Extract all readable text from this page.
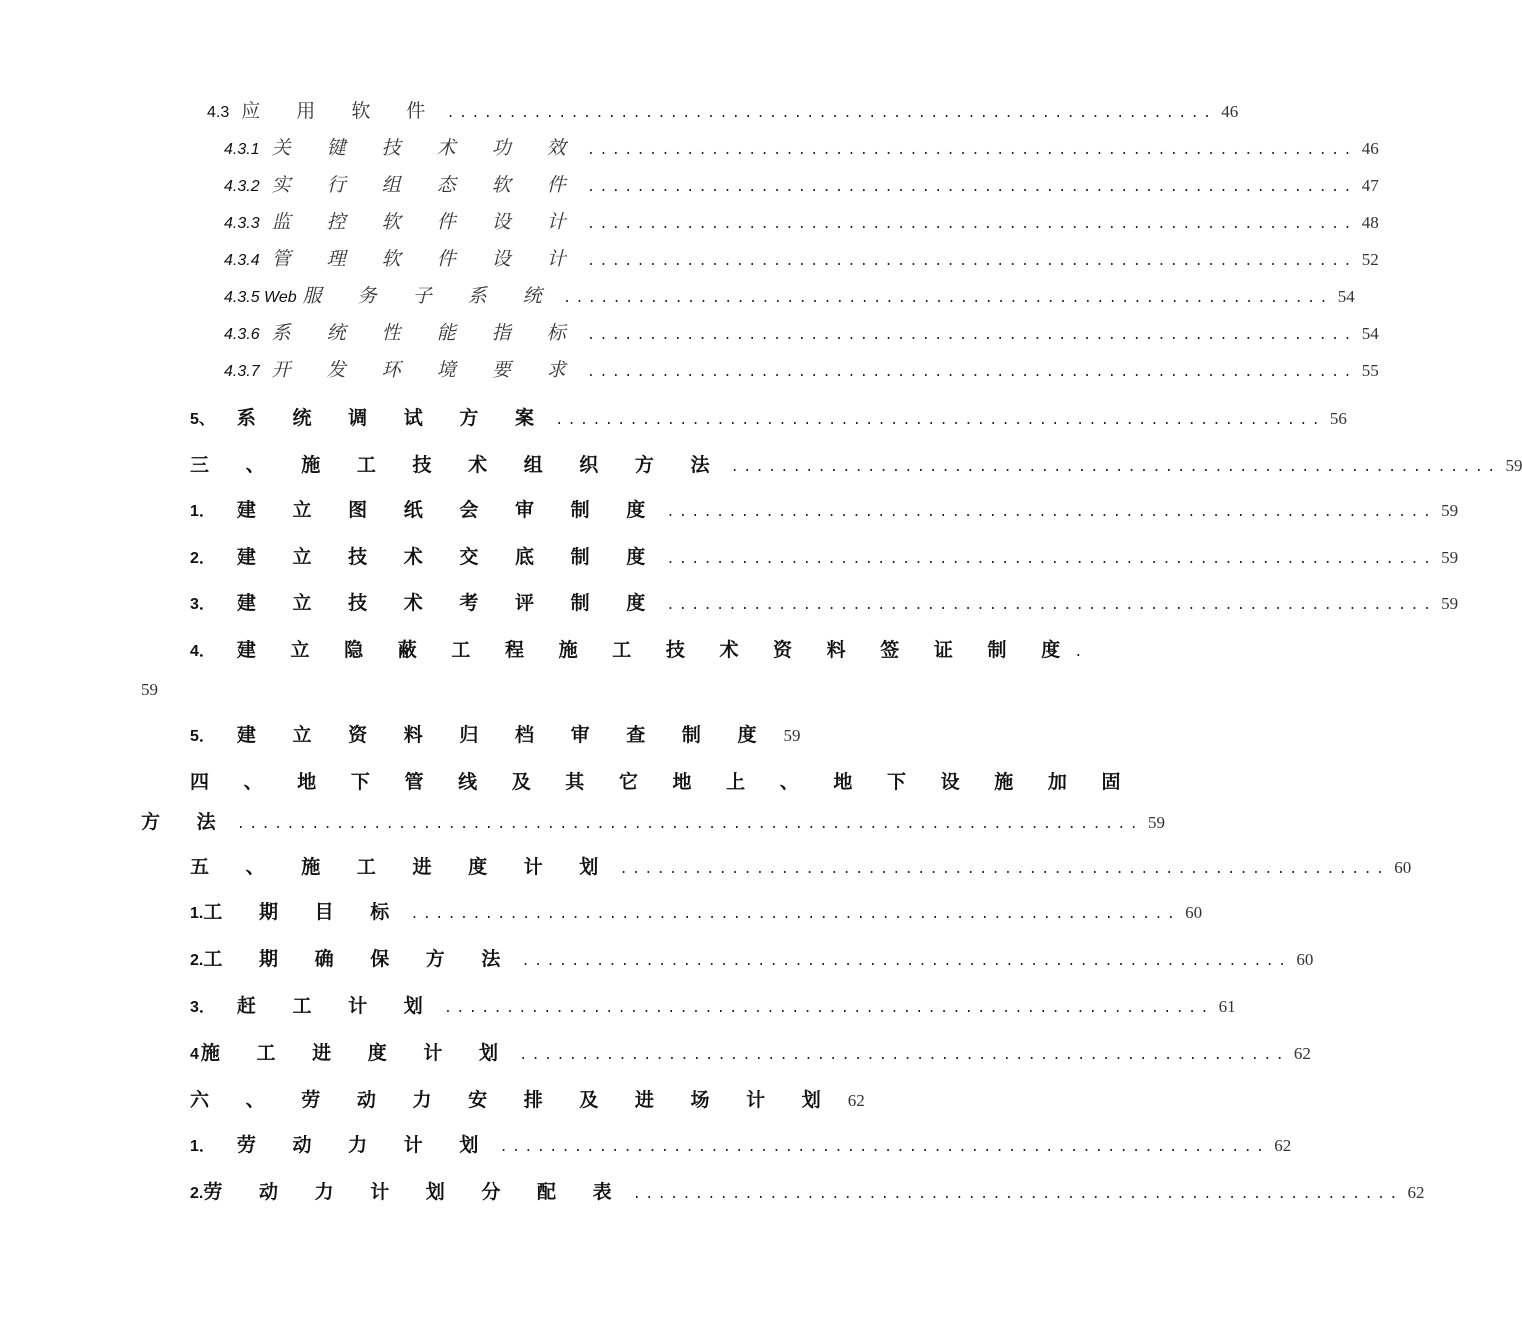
4.3 应 用 软 件 .............................................................. 46
4.3.1 关 键 技 术 功 效 .............................................................. 46
4.3.2 实 行 组 态 软 件 .............................................................. 47
4.3.3 监 控 软 件 设 计 .............................................................. 48
4.3.4 管 理 软 件 设 计 .............................................................. 52
4.3.5 Web 服 务 子 系 统 .............................................................. 54
4.3.6 系 统 性 能 指 标 .............................................................. 54
4.3.7 开 发 环 境 要 求 .............................................................. 55
5、 系 统 调 试 方 案 .............................................................. 56
三 、 施 工 技 术 组 织 方 法 .............................................................. 59
1． 建 立 图 纸 会 审 制 度 .............................................................. 59
2． 建 立 技 术 交 底 制 度 .............................................................. 59
3． 建 立 技 术 考 评 制 度 .............................................................. 59
4． 建 立 隐 蔽 工 程 施 工 技 术 资 料 签 证 制 度 .
59
5． 建 立 资 料 归 档 审 查 制 度 59
四 、 地 下 管 线 及 其 它 地 上 、 地 下 设 施 加 固
方 法 ......................................................................... 59
五 、 施 工 进 度 计 划 .............................................................. 60
1. 工 期 目 标 .............................................................. 60
2. 工 期 确 保 方 法 .............................................................. 60
3． 赶 工 计 划 .............................................................. 61
4 施 工 进 度 计 划 .............................................................. 62
六 、 劳 动 力 安 排 及 进 场 计 划 62
1． 劳 动 力 计 划 .............................................................. 62
2. 劳 动 力 计 划 分 配 表 .............................................................. 62
